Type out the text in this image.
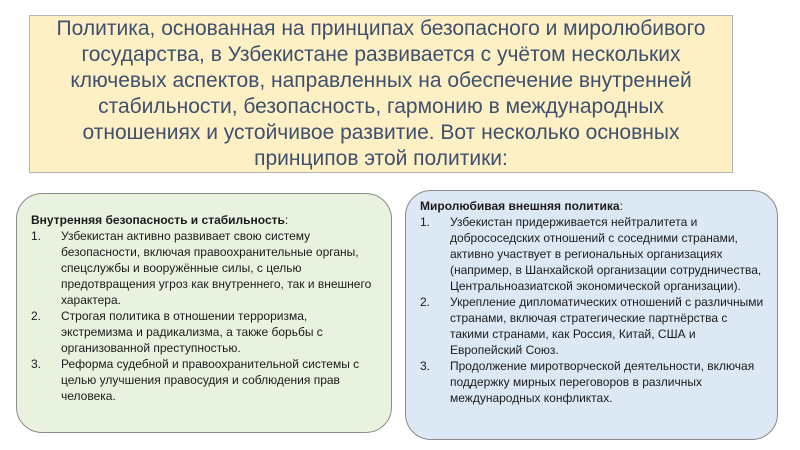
Политика, основанная на принципах безопасного и миролюбивого государства, в Узбекистане развивается с учётом нескольких ключевых аспектов, направленных на обеспечение внутренней стабильности, безопасность, гармонию в международных отношениях и устойчивое развитие. Вот несколько основных принципов этой политики:

Внутренняя безопасность и стабильность:

1.	Узбекистан активно развивает свою систему безопасности, включая правоохранительные органы, спецслужбы и вооружённые силы, с целью предотвращения угроз как внутреннего, так и внешнего характера.
2.	Строгая политика в отношении терроризма, экстремизма и радикализма, а также борьбы с организованной преступностью.
3.	Реформа судебной и правоохранительной системы с целью улучшения правосудия и соблюдения прав человека.

Миролюбивая внешняя политика:

1.	Узбекистан придерживается нейтралитета и добрососедских отношений с соседними странами, активно участвует в региональных организациях (например, в Шанхайской организации сотрудничества, Центральноазиатской экономической организации).
2.	Укрепление дипломатических отношений с различными странами, включая стратегические партнёрства с такими странами, как Россия, Китай, США и Европейский Союз.
3.	Продолжение миротворческой деятельности, включая поддержку мирных переговоров в различных международных конфликтах.
